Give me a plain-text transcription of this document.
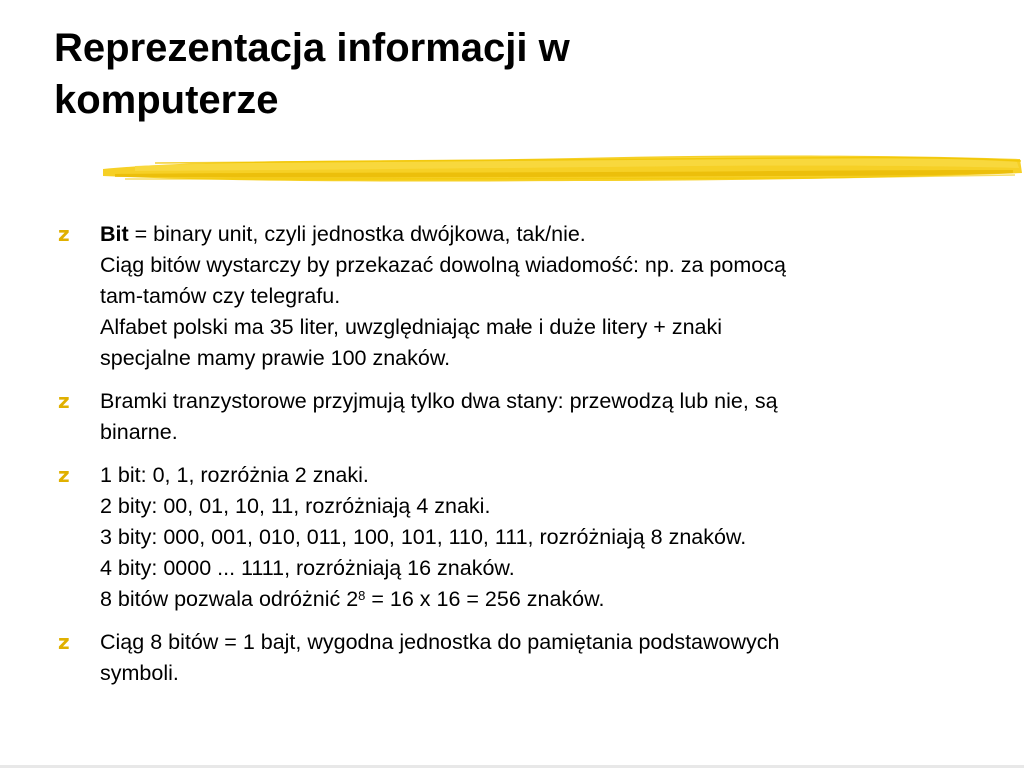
Reprezentacja informacji w
komputerze
z Bit = binary unit, czyli jednostka dwójkowa, tak/nie.
Ciąg bitów wystarczy by przekazać dowolną wiadomość: np. za pomocą
tam-tamów czy telegrafu.
Alfabet polski ma 35 liter, uwzględniając małe i duże litery + znaki
specjalne mamy prawie 100 znaków.
z Bramki tranzystorowe przyjmują tylko dwa stany: przewodzą lub nie, są
binarne.
z 1 bit: 0, 1, rozróżnia 2 znaki.
2 bity: 00, 01, 10, 11, rozróżniają 4 znaki.
3 bity: 000, 001, 010, 011, 100, 101, 110, 111, rozróżniają 8 znaków.
4 bity: 0000 ... 1111, rozróżniają 16 znaków.
8 bitów pozwala odróżnić $2^8 = 16$ x 16 = 256 znaków.
z Ciąg 8 bitów = 1 bajt, wygodna jednostka do pamiętania podstawowych
symboli.
